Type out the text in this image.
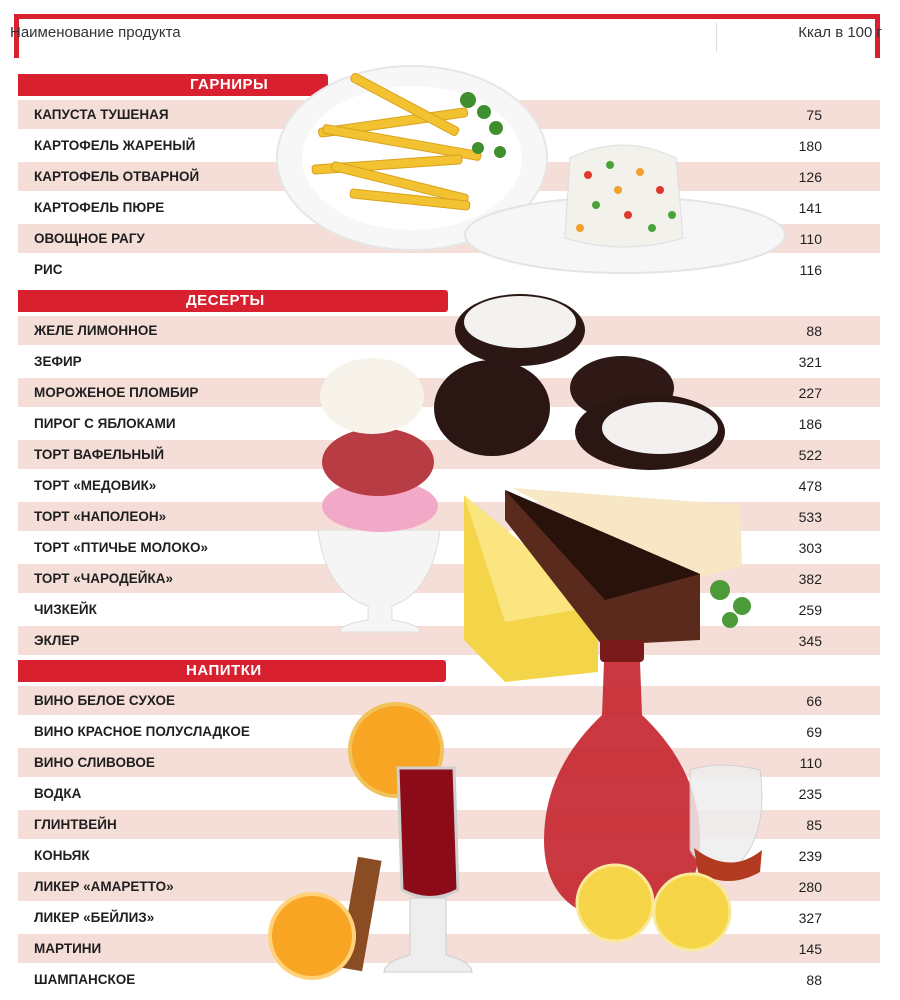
Наименование продукта	Ккал в 100 г
ГАРНИРЫ
КАПУСТА ТУШЕНАЯ	75
КАРТОФЕЛЬ ЖАРЕНЫЙ	180
КАРТОФЕЛЬ ОТВАРНОЙ	126
КАРТОФЕЛЬ ПЮРЕ	141
ОВОЩНОЕ РАГУ	110
РИС	116
ДЕСЕРТЫ
ЖЕЛЕ ЛИМОННОЕ	88
ЗЕФИР	321
МОРОЖЕНОЕ ПЛОМБИР	227
ПИРОГ С ЯБЛОКАМИ	186
ТОРТ ВАФЕЛЬНЫЙ	522
ТОРТ «МЕДОВИК»	478
ТОРТ «НАПОЛЕОН»	533
ТОРТ «ПТИЧЬЕ МОЛОКО»	303
ТОРТ «ЧАРОДЕЙКА»	382
ЧИЗКЕЙК	259
ЭКЛЕР	345
НАПИТКИ
ВИНО БЕЛОЕ СУХОЕ	66
ВИНО КРАСНОЕ ПОЛУСЛАДКОЕ	69
ВИНО СЛИВОВОЕ	110
ВОДКА	235
ГЛИНТВЕЙН	85
КОНЬЯК	239
ЛИКЕР «АМАРЕТТО»	280
ЛИКЕР «БЕЙЛИЗ»	327
МАРТИНИ	145
ШАМПАНСКОЕ	88
